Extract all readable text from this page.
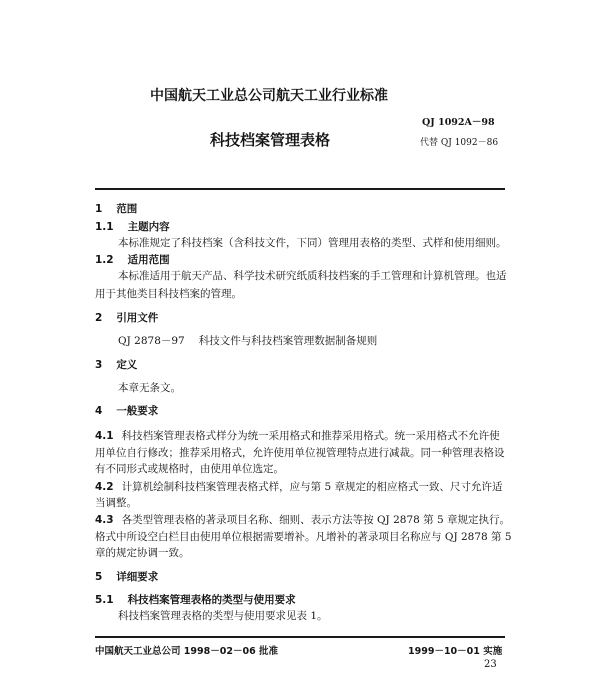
中国航天工业总公司航天工业行业标准
QJ 1092A－98
科技档案管理表格	代替 QJ 1092－86
1 范围
1.1 主题内容
本标准规定了科技档案（含科技文件，下同）管理用表格的类型、式样和使用细则。
1.2 适用范围
本标准适用于航天产品、科学技术研究纸质科技档案的手工管理和计算机管理。也适
用于其他类目科技档案的管理。
2 引用文件
QJ 2878－97 科技文件与科技档案管理数据制备规则
3 定义
本章无条文。
4 一般要求
4.1 科技档案管理表格式样分为统一采用格式和推荐采用格式。统一采用格式不允许使
用单位自行修改；推荐采用格式，允许使用单位视管理特点进行减裁。同一种管理表格设
有不同形式或规格时，由使用单位选定。
4.2 计算机绘制科技档案管理表格式样，应与第 5 章规定的相应格式一致、尺寸允许适
当调整。
4.3 各类型管理表格的著录项目名称、细则、表示方法等按 QJ 2878 第 5 章规定执行。
格式中所设空白栏目由使用单位根据需要增补。凡增补的著录项目名称应与 QJ 2878 第 5
章的规定协调一致。
5 详细要求
5.1 科技档案管理表格的类型与使用要求
科技档案管理表格的类型与使用要求见表 1。
中国航天工业总公司 1998－02－06 批准	1999－10－01 实施
23
